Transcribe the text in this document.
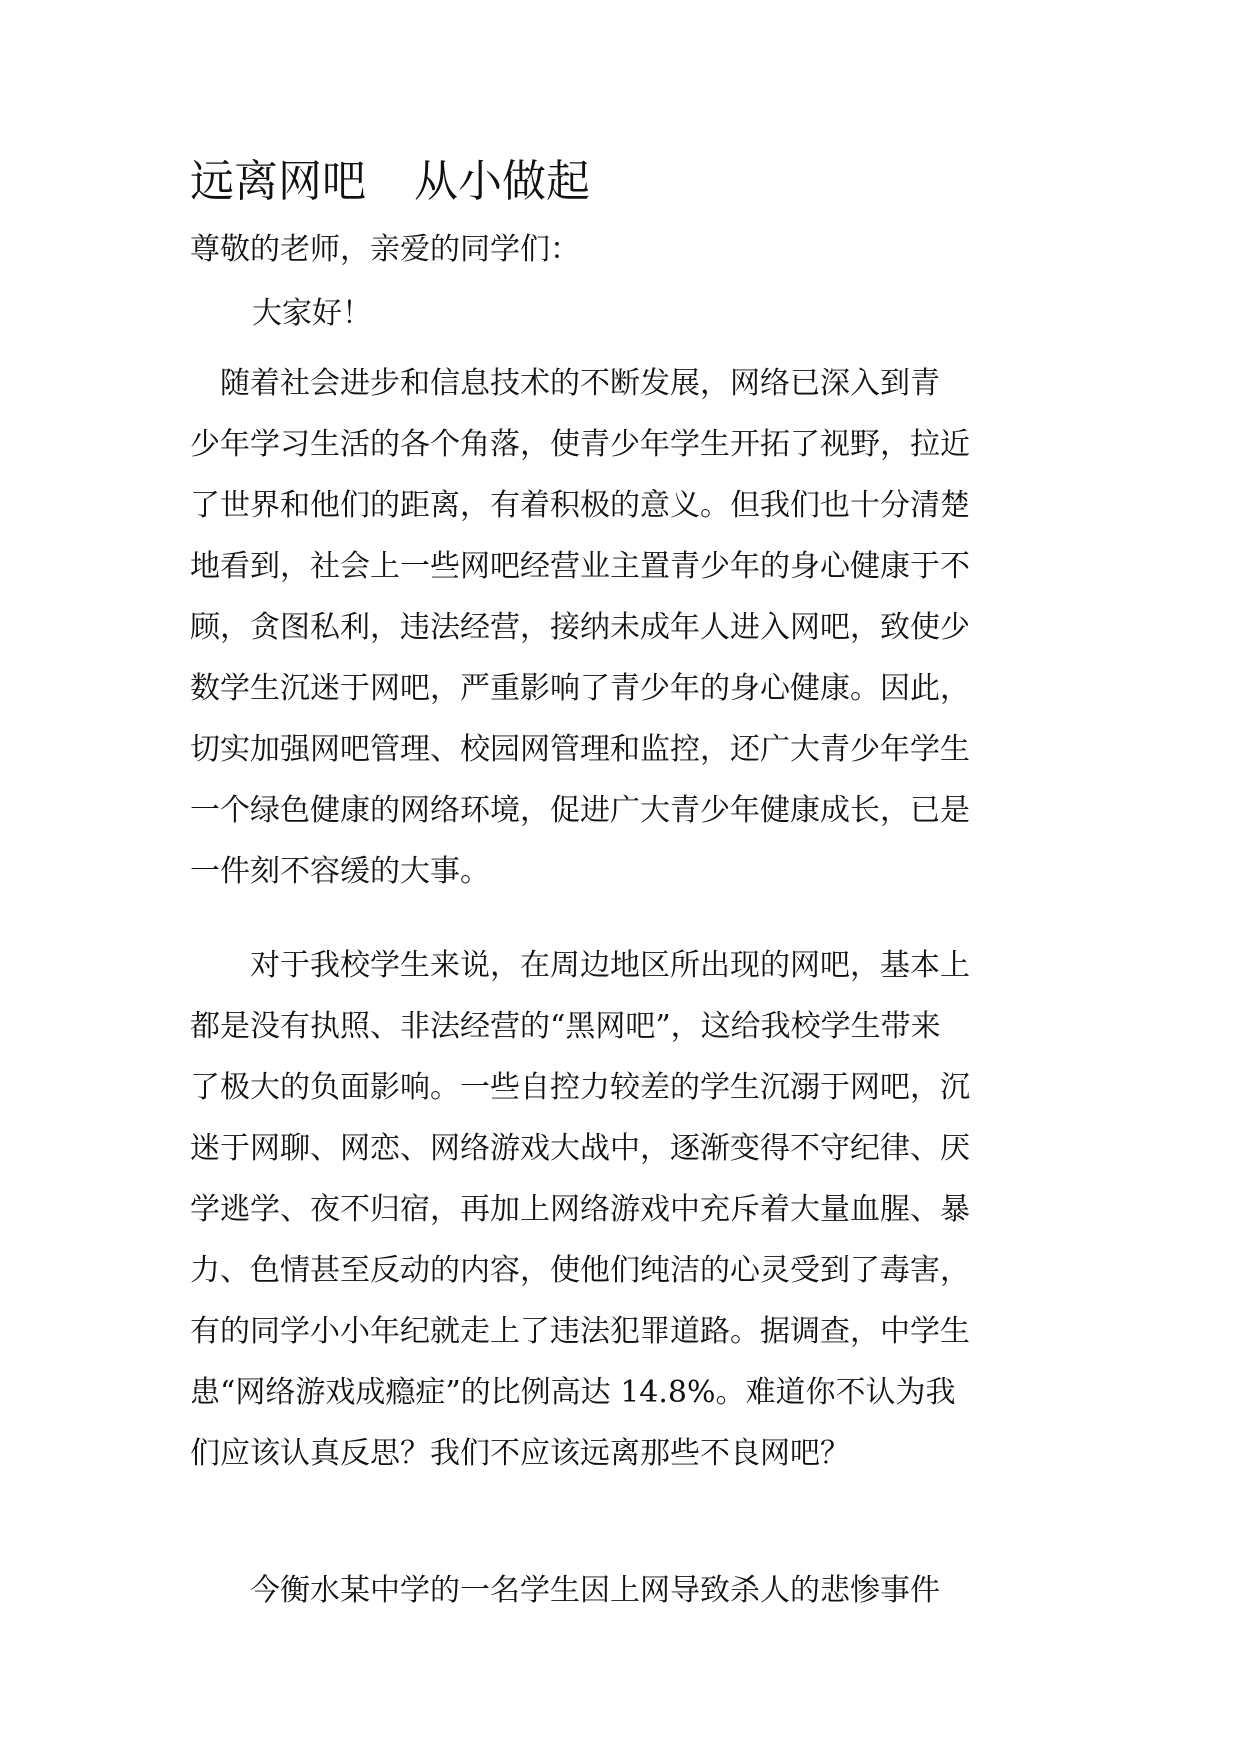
远离网吧 从小做起
尊敬的老师，亲爱的同学们：
大家好！
　随着社会进步和信息技术的不断发展，网络已深入到青
少年学习生活的各个角落，使青少年学生开拓了视野，拉近
了世界和他们的距离，有着积极的意义。但我们也十分清楚
地看到，社会上一些网吧经营业主置青少年的身心健康于不
顾，贪图私利，违法经营，接纳未成年人进入网吧，致使少
数学生沉迷于网吧，严重影响了青少年的身心健康。因此，
切实加强网吧管理、校园网管理和监控，还广大青少年学生
一个绿色健康的网络环境，促进广大青少年健康成长，已是
一件刻不容缓的大事。
　　对于我校学生来说，在周边地区所出现的网吧，基本上
都是没有执照、非法经营的“黑网吧”，这给我校学生带来
了极大的负面影响。一些自控力较差的学生沉溺于网吧，沉
迷于网聊、网恋、网络游戏大战中，逐渐变得不守纪律、厌
学逃学、夜不归宿，再加上网络游戏中充斥着大量血腥、暴
力、色情甚至反动的内容，使他们纯洁的心灵受到了毒害，
有的同学小小年纪就走上了违法犯罪道路。据调查，中学生
患“网络游戏成瘾症”的比例高达 14.8%。难道你不认为我
们应该认真反思？我们不应该远离那些不良网吧？
　　今衡水某中学的一名学生因上网导致杀人的悲惨事件
